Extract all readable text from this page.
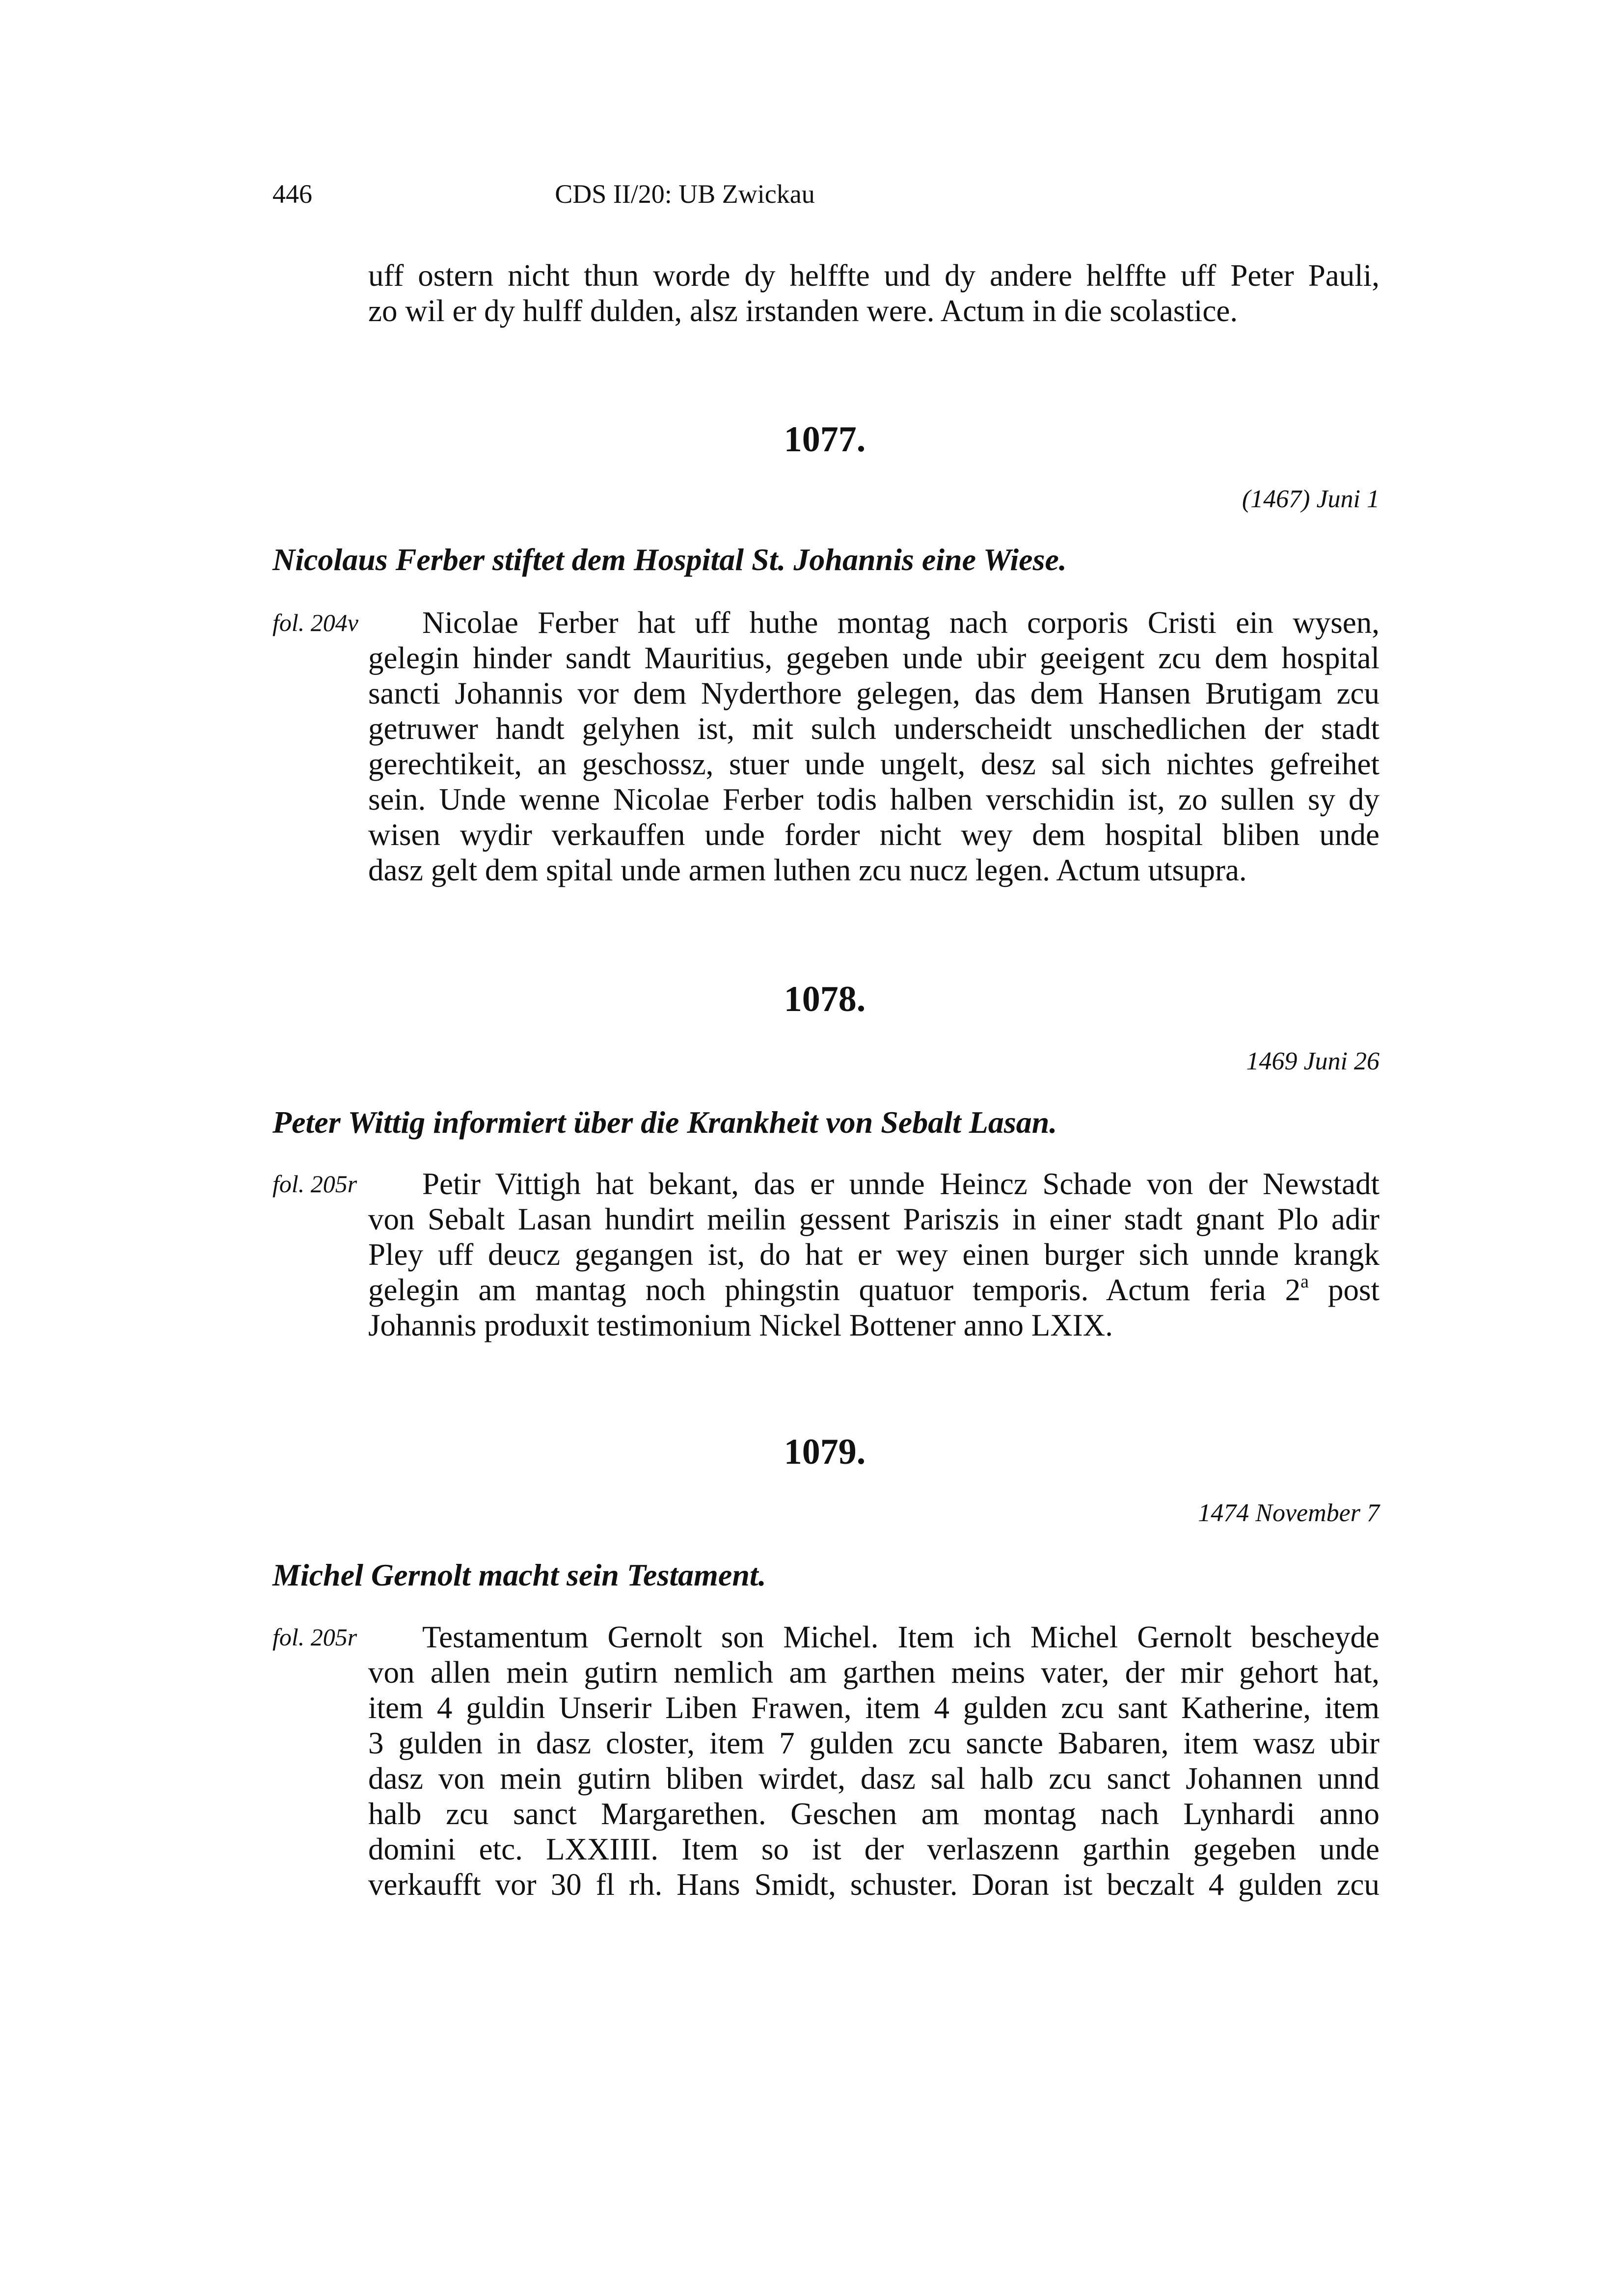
446	CDS II/20: UB Zwickau
uff ostern nicht thun worde dy helffte und dy andere helffte uff Peter Pauli,
zo wil er dy hulff dulden, alsz irstanden were. Actum in die scolastice.
1077.
(1467) Juni 1
Nicolaus Ferber stiftet dem Hospital St. Johannis eine Wiese.
fol. 204v	Nicolae Ferber hat uff huthe montag nach corporis Cristi ein wysen,
gelegin hinder sandt Mauritius, gegeben unde ubir geeigent zcu dem hospital
sancti Johannis vor dem Nyderthore gelegen, das dem Hansen Brutigam zcu
getruwer handt gelyhen ist, mit sulch underscheidt unschedlichen der stadt
gerechtikeit, an geschossz, stuer unde ungelt, desz sal sich nichtes gefreihet
sein. Unde wenne Nicolae Ferber todis halben verschidin ist, zo sullen sy dy
wisen wydir verkauffen unde forder nicht wey dem hospital bliben unde
dasz gelt dem spital unde armen luthen zcu nucz legen. Actum utsupra.
1078.
1469 Juni 26
Peter Wittig informiert über die Krankheit von Sebalt Lasan.
fol. 205r	Petir Vittigh hat bekant, das er unnde Heincz Schade von der Newstadt
von Sebalt Lasan hundirt meilin gessent Pariszis in einer stadt gnant Plo adir
Pley uff deucz gegangen ist, do hat er wey einen burger sich unnde krangk
gelegin am mantag noch phingstin quatuor temporis. Actum feria 2$^a$ post
Johannis produxit testimonium Nickel Bottener anno LXIX.
1079.
1474 November 7
Michel Gernolt macht sein Testament.
fol. 205r	Testamentum Gernolt son Michel. Item ich Michel Gernolt bescheyde
von allen mein gutirn nemlich am garthen meins vater, der mir gehort hat,
item 4 guldin Unserir Liben Frawen, item 4 gulden zcu sant Katherine, item
3 gulden in dasz closter, item 7 gulden zcu sancte Babaren, item wasz ubir
dasz von mein gutirn bliben wirdet, dasz sal halb zcu sanct Johannen unnd
halb zcu sanct Margarethen. Geschen am montag nach Lynhardi anno
domini etc. LXXIIII. Item so ist der verlaszenn garthin gegeben unde
verkaufft vor 30 fl rh. Hans Smidt, schuster. Doran ist beczalt 4 gulden zcu
